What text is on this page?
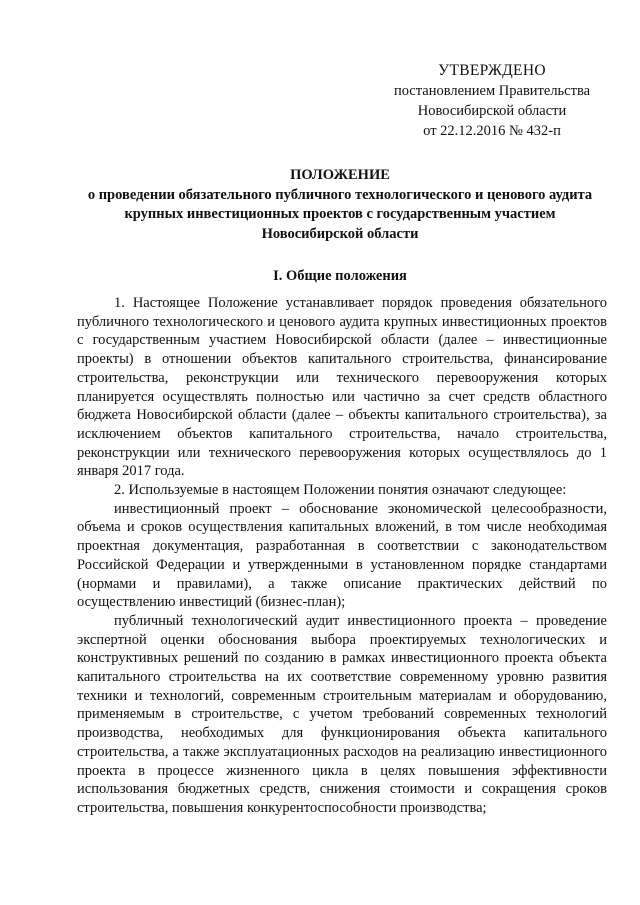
УТВЕРЖДЕНО
постановлением Правительства
Новосибирской области
от 22.12.2016 № 432-п
ПОЛОЖЕНИЕ
о проведении обязательного публичного технологического и ценового аудита
крупных инвестиционных проектов с государственным участием
Новосибирской области
I. Общие положения

1. Настоящее Положение устанавливает порядок проведения обязательного публичного технологического и ценового аудита крупных инвестиционных проектов с государственным участием Новосибирской области (далее – инвестиционные проекты) в отношении объектов капитального строительства, финансирование строительства, реконструкции или технического перевооружения которых планируется осуществлять полностью или частично за счет средств областного бюджета Новосибирской области (далее – объекты капитального строительства), за исключением объектов капитального строительства, начало строительства, реконструкции или технического перевооружения которых осуществлялось до 1 января 2017 года.

2. Используемые в настоящем Положении понятия означают следующее:

инвестиционный проект – обоснование экономической целесообразности, объема и сроков осуществления капитальных вложений, в том числе необходимая проектная документация, разработанная в соответствии с законодательством Российской Федерации и утвержденными в установленном порядке стандартами (нормами и правилами), а также описание практических действий по осуществлению инвестиций (бизнес-план);

публичный технологический аудит инвестиционного проекта – проведение экспертной оценки обоснования выбора проектируемых технологических и конструктивных решений по созданию в рамках инвестиционного проекта объекта капитального строительства на их соответствие современному уровню развития техники и технологий, современным строительным материалам и оборудованию, применяемым в строительстве, с учетом требований современных технологий производства, необходимых для функционирования объекта капитального строительства, а также эксплуатационных расходов на реализацию инвестиционного проекта в процессе жизненного цикла в целях повышения эффективности использования бюджетных средств, снижения стоимости и сокращения сроков строительства, повышения конкурентоспособности производства;
